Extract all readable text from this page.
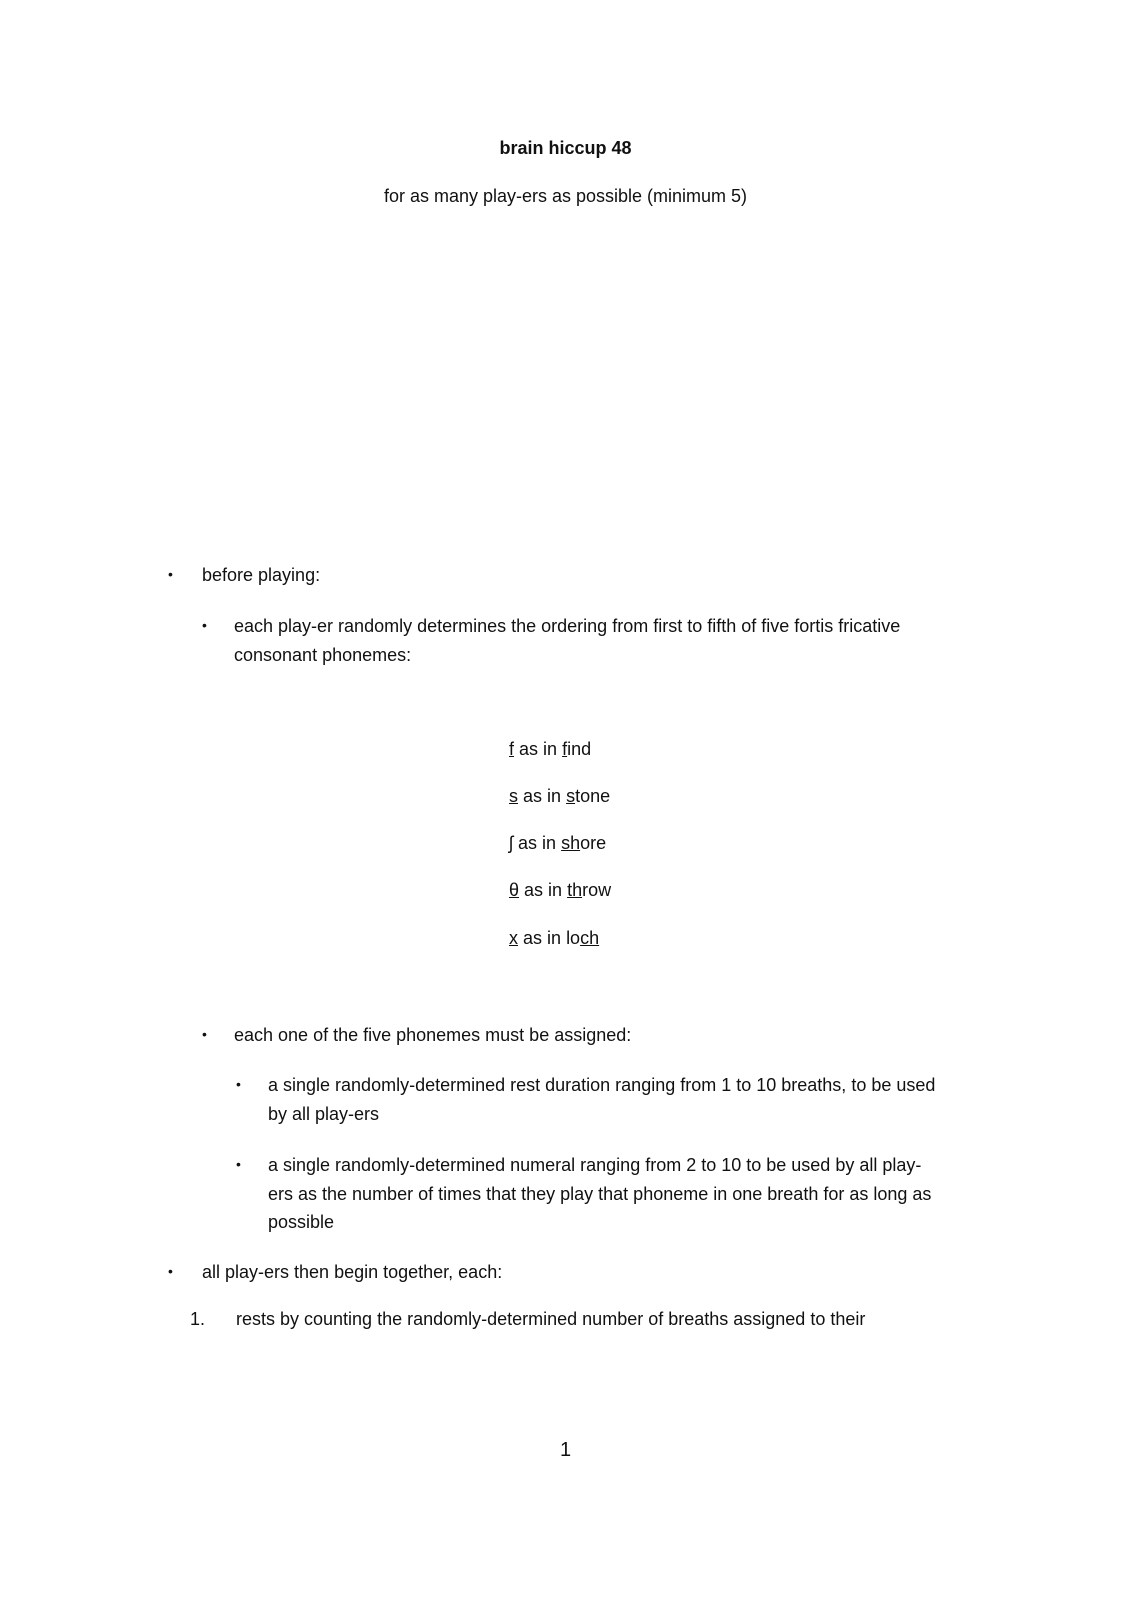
brain hiccup 48
for as many play-ers as possible (minimum 5)
• before playing:
• each play-er randomly determines the ordering from first to fifth of five fortis fricative
consonant phonemes:
f as in find
s as in stone
ʃ as in shore
θ as in throw
x as in loch
• each one of the five phonemes must be assigned:
• a single randomly-determined rest duration ranging from 1 to 10 breaths, to be used
by all play-ers
• a single randomly-determined numeral ranging from 2 to 10 to be used by all play-
ers as the number of times that they play that phoneme in one breath for as long as
possible
• all play-ers then begin together, each:
1. rests by counting the randomly-determined number of breaths assigned to their
1
